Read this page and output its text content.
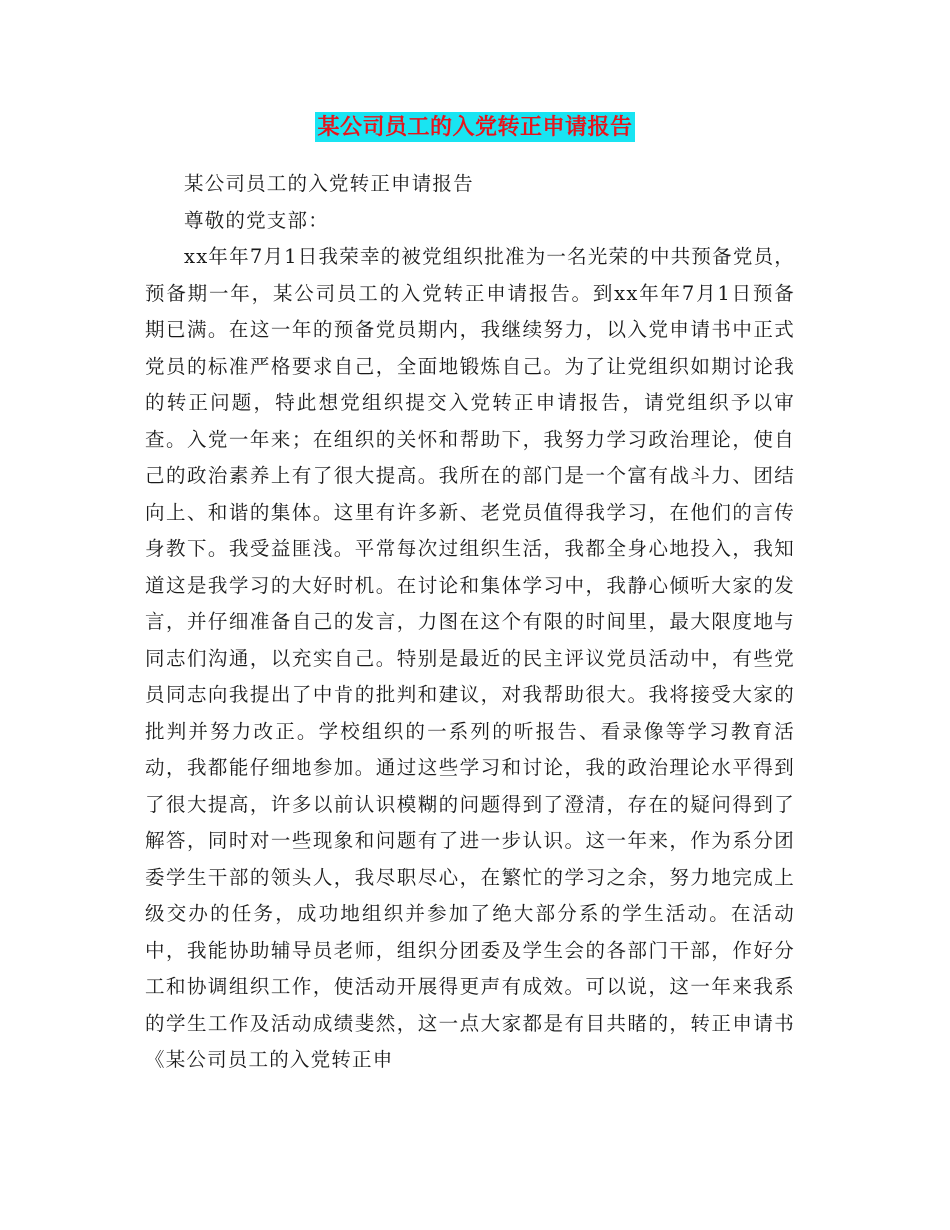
某公司员工的入党转正申请报告

某公司员工的入党转正申请报告

尊敬的党支部：

xx年年7月1日我荣幸的被党组织批准为一名光荣的中共预备党员，预备期一年，某公司员工的入党转正申请报告。到xx年年7月1日预备期已满。在这一年的预备党员期内，我继续努力，以入党申请书中正式党员的标准严格要求自己，全面地锻炼自己。为了让党组织如期讨论我的转正问题，特此想党组织提交入党转正申请报告，请党组织予以审查。入党一年来；在组织的关怀和帮助下，我努力学习政治理论，使自己的政治素养上有了很大提高。我所在的部门是一个富有战斗力、团结向上、和谐的集体。这里有许多新、老党员值得我学习，在他们的言传身教下。我受益匪浅。平常每次过组织生活，我都全身心地投入，我知道这是我学习的大好时机。在讨论和集体学习中，我静心倾听大家的发言，并仔细准备自己的发言，力图在这个有限的时间里，最大限度地与同志们沟通，以充实自己。特别是最近的民主评议党员活动中，有些党员同志向我提出了中肯的批判和建议，对我帮助很大。我将接受大家的批判并努力改正。学校组织的一系列的听报告、看录像等学习教育活动，我都能仔细地参加。通过这些学习和讨论，我的政治理论水平得到了很大提高，许多以前认识模糊的问题得到了澄清，存在的疑问得到了解答，同时对一些现象和问题有了进一步认识。这一年来，作为系分团委学生干部的领头人，我尽职尽心，在繁忙的学习之余，努力地完成上级交办的任务，成功地组织并参加了绝大部分系的学生活动。在活动中，我能协助辅导员老师，组织分团委及学生会的各部门干部，作好分工和协调组织工作，使活动开展得更声有成效。可以说，这一年来我系的学生工作及活动成绩斐然，这一点大家都是有目共睹的，转正申请书《某公司员工的入党转正申
